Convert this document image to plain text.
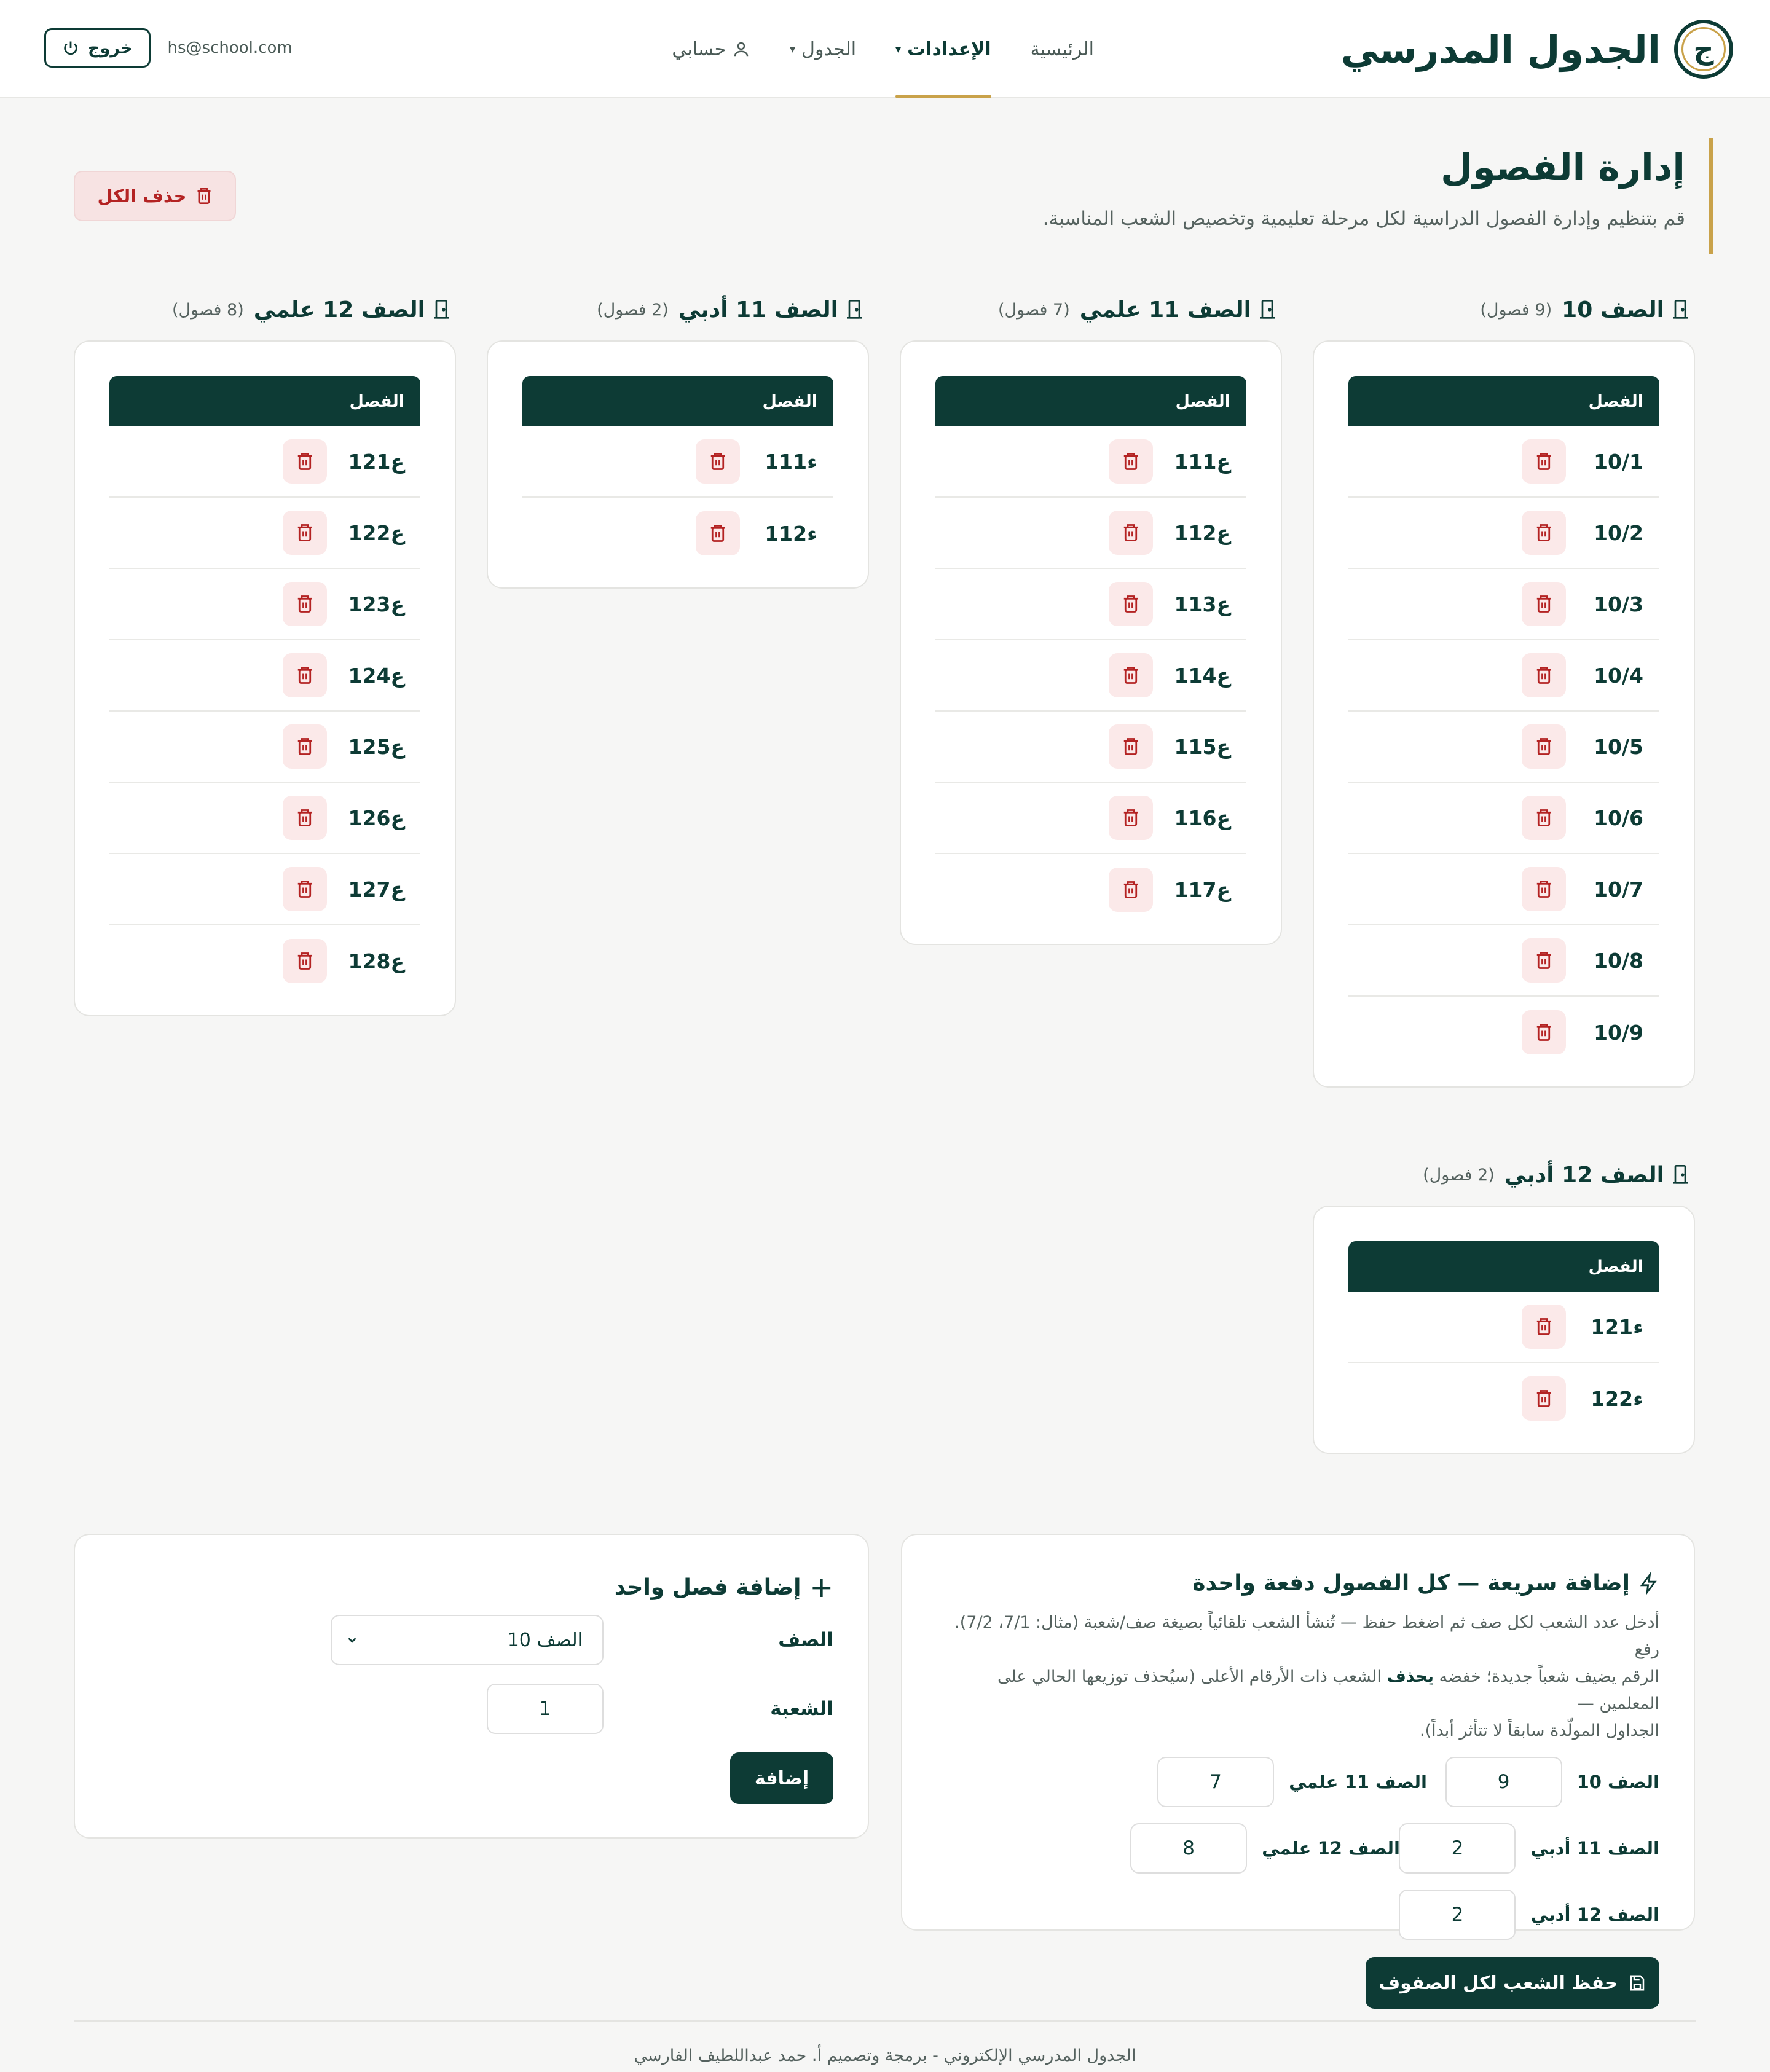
ج
الجدول المدرسي
الرئيسية
الإعدادات
▾
الجدول
▾
حسابي
خروج hs@school.com
إدارة الفصول
قم بتنظيم وإدارة الفصول الدراسية لكل مرحلة تعليمية وتخصيص الشعب المناسبة.
حذف الكل
الصف 10
(9 فصول)
الفصل
10/1
10/2
10/3
10/4
10/5
10/6
10/7
10/8
10/9
الصف 11 علمي
(7 فصول)
الفصل
11ع1
11ع2
11ع3
11ع4
11ع5
11ع6
11ع7
الصف 11 أدبي
(2 فصول)
الفصل
11ء1
11ء2
الصف 12 علمي
(8 فصول)
الفصل
12ع1
12ع2
12ع3
12ع4
12ع5
12ع6
12ع7
12ع8
الصف 12 أدبي
(2 فصول)
الفصل
12ء1
12ء2
إضافة سريعة — كل الفصول دفعة واحدة
أدخل عدد الشعب لكل صف ثم اضغط حفظ — تُنشأ الشعب تلقائياً بصيغة صف/شعبة (مثال: 7/1، 7/2). رفع
الرقم يضيف شعباً جديدة؛ خفضه يحذف الشعب ذات الأرقام الأعلى (سيُحذف توزيعها الحالي على المعلمين —
الجداول المولّدة سابقاً لا تتأثر أبداً).
الصف 10
9
الصف 11 علمي
7
الصف 11 أدبي
2
الصف 12 علمي
8
الصف 12 أدبي
2
حفظ الشعب لكل الصفوف
+
إضافة فصل واحد
الصف
الصف 10
الشعبة
1
إضافة
الجدول المدرسي الإلكتروني - برمجة وتصميم أ. حمد عبداللطيف الفارسي
